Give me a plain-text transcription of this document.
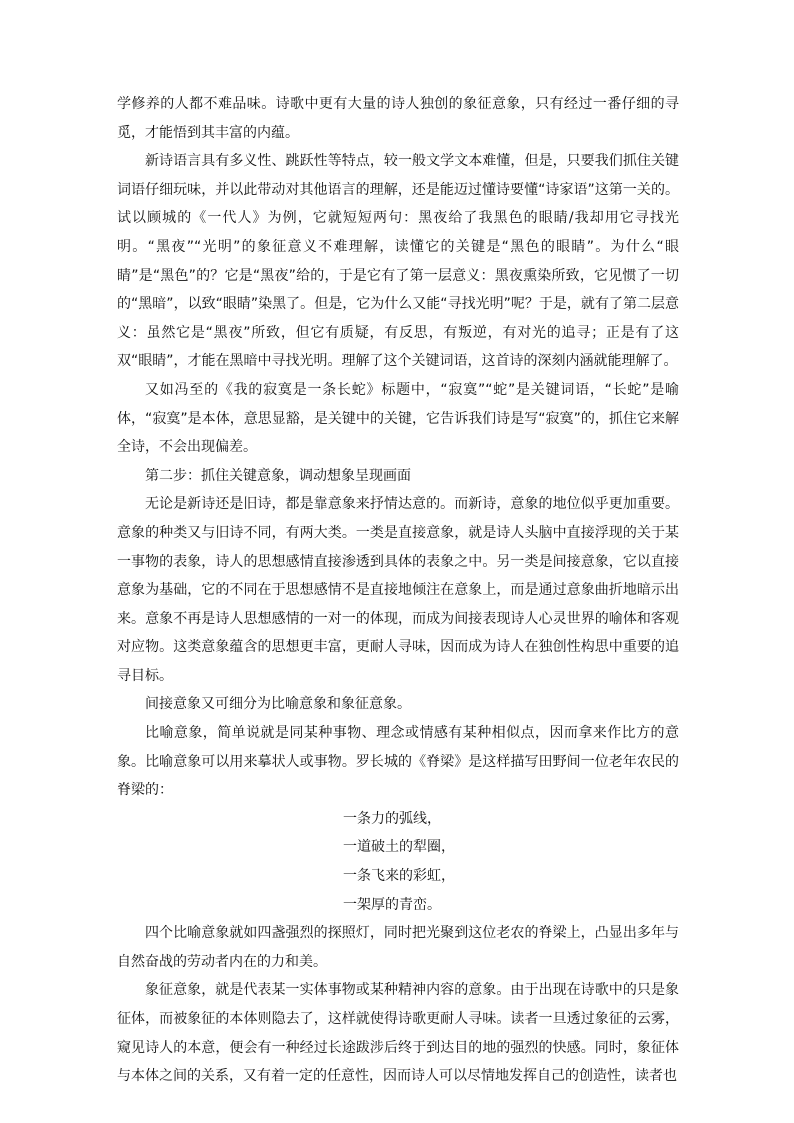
学修养的人都不难品味。诗歌中更有大量的诗人独创的象征意象，只有经过一番仔细的寻觅，才能悟到其丰富的内蕴。

新诗语言具有多义性、跳跃性等特点，较一般文学文本难懂，但是，只要我们抓住关键词语仔细玩味，并以此带动对其他语言的理解，还是能迈过懂诗要懂“诗家语”这第一关的。试以顾城的《一代人》为例，它就短短两句：黑夜给了我黑色的眼睛/我却用它寻找光明。“黑夜”“光明”的象征意义不难理解，读懂它的关键是“黑色的眼睛”。为什么“眼睛”是“黑色”的？它是“黑夜”给的，于是它有了第一层意义：黑夜熏染所致，它见惯了一切的“黑暗”，以致“眼睛”染黑了。但是，它为什么又能“寻找光明”呢？于是，就有了第二层意义：虽然它是“黑夜”所致，但它有质疑，有反思，有叛逆，有对光的追寻；正是有了这双“眼睛”，才能在黑暗中寻找光明。理解了这个关键词语，这首诗的深刻内涵就能理解了。

又如冯至的《我的寂寞是一条长蛇》标题中，“寂寞”“蛇”是关键词语，“长蛇”是喻体，“寂寞”是本体，意思显豁，是关键中的关键，它告诉我们诗是写“寂寞”的，抓住它来解全诗，不会出现偏差。

第二步：抓住关键意象，调动想象呈现画面

无论是新诗还是旧诗，都是靠意象来抒情达意的。而新诗，意象的地位似乎更加重要。意象的种类又与旧诗不同，有两大类。一类是直接意象，就是诗人头脑中直接浮现的关于某一事物的表象，诗人的思想感情直接渗透到具体的表象之中。另一类是间接意象，它以直接意象为基础，它的不同在于思想感情不是直接地倾注在意象上，而是通过意象曲折地暗示出来。意象不再是诗人思想感情的一对一的体现，而成为间接表现诗人心灵世界的喻体和客观对应物。这类意象蕴含的思想更丰富，更耐人寻味，因而成为诗人在独创性构思中重要的追寻目标。

间接意象又可细分为比喻意象和象征意象。

比喻意象，简单说就是同某种事物、理念或情感有某种相似点，因而拿来作比方的意象。比喻意象可以用来摹状人或事物。罗长城的《脊梁》是这样描写田野间一位老年农民的脊梁的：

一条力的弧线，
一道破土的犁圈，
一条飞来的彩虹，
一架厚的青峦。

四个比喻意象就如四盏强烈的探照灯，同时把光聚到这位老农的脊梁上，凸显出多年与自然奋战的劳动者内在的力和美。

象征意象，就是代表某一实体事物或某种精神内容的意象。由于出现在诗歌中的只是象征体，而被象征的本体则隐去了，这样就使得诗歌更耐人寻味。读者一旦透过象征的云雾，窥见诗人的本意，便会有一种经过长途跋涉后终于到达目的地的强烈的快感。同时，象征体与本体之间的关系，又有着一定的任意性，因而诗人可以尽情地发挥自己的创造性，读者也
